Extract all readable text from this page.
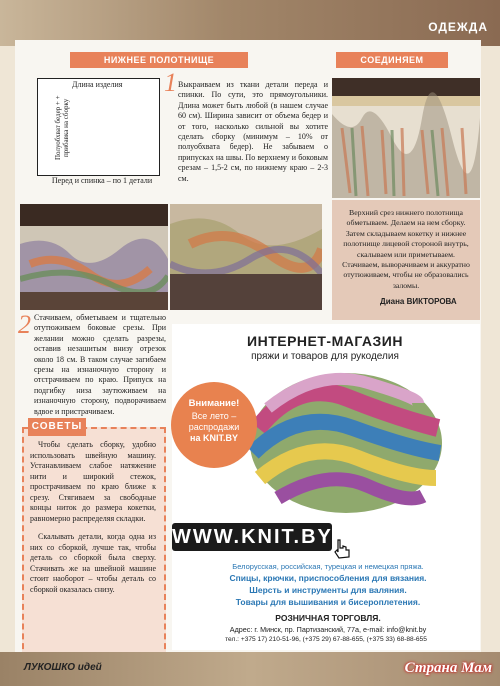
ОДЕЖДА
НИЖНЕЕ ПОЛОТНИЩЕ
Длина изделия
Полуобхват бедер + + прибавка на сборку
Перед и спинка – по 1 детали
1 Выкраиваем из ткани детали переда и спинки. По сути, это прямоугольники. Длина может быть любой (в нашем случае 60 см). Ширина зависит от объема бедер и от того, насколько сильной вы хотите сделать сборку (минимум – 10% от полуобхвата бедер). Не забываем о припусках на швы. По верхнему и боковым срезам – 1,5-2 см, по нижнему краю – 2-3 см.
СОЕДИНЯЕМ
Верхний срез нижнего полотнища обметываем. Делаем на нем сборку. Затем складываем кокетку и нижнее полотнище лицевой стороной внутрь, скалываем или приметываем. Стачиваем, выворачиваем и аккуратно отутюживаем, чтобы не образовались заломы.
Диана ВИКТОРОВА
2 Стачиваем, обметываем и тщательно отутюживаем боковые срезы. При желании можно сделать разрезы, оставив незашитым внизу отрезок около 18 см. В таком случае загибаем срезы на изнаночную сторону и отстрачиваем по краю. Припуск на подгибку низа заутюживаем на изнаночную сторону, подворачиваем вдвое и пристрачиваем.
СОВЕТЫ

Чтобы сделать сборку, удобно использовать швейную машину. Устанавливаем слабое натяжение нити и широкий стежок, прострачиваем по краю ближе к срезу. Стягиваем за свободные концы ниток до размера кокетки, равномерно распределяя складки.

Скалывать детали, когда одна из них со сборкой, лучше так, чтобы деталь со сборкой была сверху. Стачивать же на швейной машине стоит наоборот – чтобы деталь со сборкой оказалась снизу.

ИНТЕРНЕТ-МАГАЗИН
пряжи и товаров для рукоделия
Внимание!
Все лето – распродажи
на KNIT.BY
WWW.KNIT.BY
Белорусская, российская, турецкая и немецкая пряжа.
Спицы, крючки, приспособления для вязания.
Шерсть и инструменты для валяния.
Товары для вышивания и бисероплетения.
РОЗНИЧНАЯ ТОРГОВЛЯ.
Адрес: г. Минск, пр. Партизанский, 77а, e-mail: info@knit.by
тел.: +375 17) 210-51-96, (+375 29) 67-88-655, (+375 33) 68-88-655
ЛУКОШКО идей	Страна Мам
